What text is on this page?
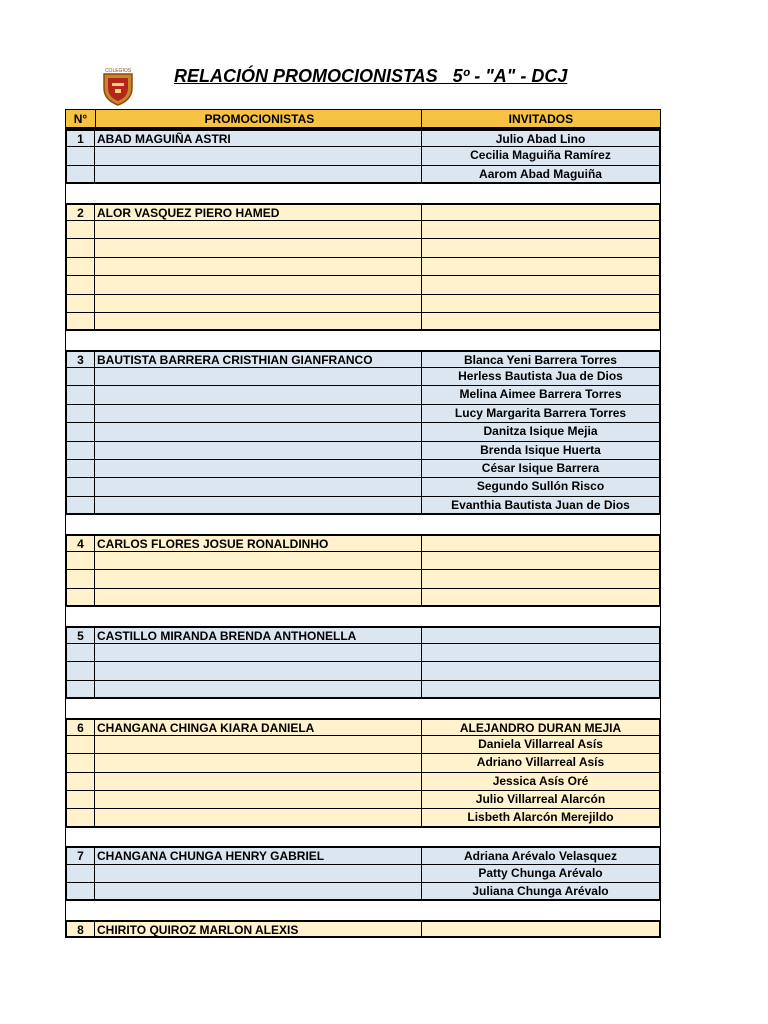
COLEGIOS RELACIÓN PROMOCIONISTAS   5º - "A" - DCJ
N°	PROMOCIONISTAS	INVITADOS
1	ABAD MAGUIÑA ASTRI	Julio Abad Lino
Cecilia Maguiña Ramírez
Aarom Abad Maguiña
2	ALOR VASQUEZ PIERO HAMED
3	BAUTISTA BARRERA CRISTHIAN GIANFRANCO	Blanca Yeni Barrera Torres
Herless Bautista Jua de Dios
Melina Aimee Barrera Torres
Lucy Margarita Barrera Torres
Danitza Isique Mejia
Brenda Isique Huerta
César Isique Barrera
Segundo Sullón Risco
Evanthia Bautista Juan de Dios
4	CARLOS FLORES JOSUE RONALDINHO
5	CASTILLO MIRANDA BRENDA ANTHONELLA
6	CHANGANA CHINGA KIARA DANIELA	ALEJANDRO DURAN MEJIA
Daniela Villarreal Asís
Adriano Villarreal Asís
Jessica Asís Oré
Julio Villarreal Alarcón
Lisbeth Alarcón Merejildo
7	CHANGANA CHUNGA HENRY GABRIEL	Adriana Arévalo Velasquez
Patty Chunga Arévalo
Juliana Chunga Arévalo
8	CHIRITO QUIROZ MARLON ALEXIS
